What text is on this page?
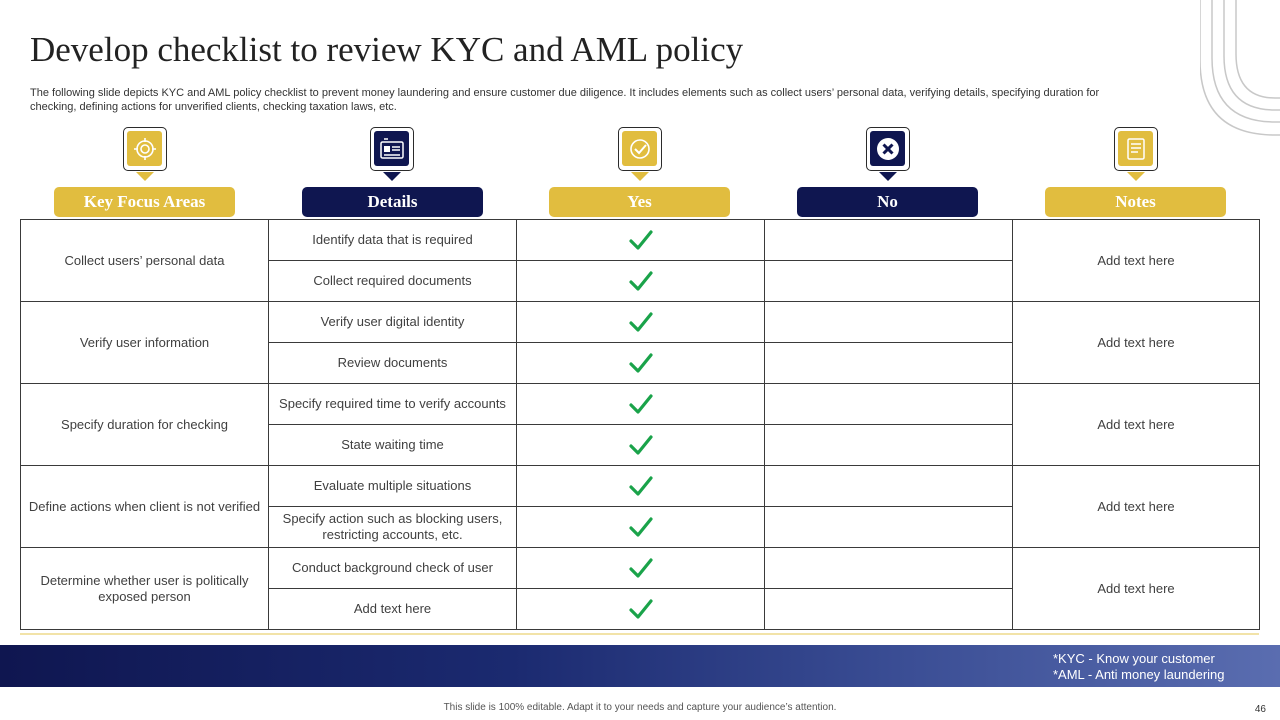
Develop checklist to review KYC and AML policy
The following slide depicts KYC and AML policy checklist to prevent money laundering and ensure customer due diligence. It includes elements such as collect users’ personal data, verifying details, specifying duration for checking, defining actions for unverified clients, checking taxation laws, etc.
Key Focus Areas	Details	Yes	No	Notes
Collect users’ personal data	Identify data that is required			Add text here
	Collect required documents		
Verify user information	Verify user digital identity			Add text here
	Review documents		
Specify duration for checking	Specify required time to verify accounts			Add text here
	State waiting time		
Define actions when client is not verified	Evaluate multiple situations			Add text here
	Specify action such as blocking users, restricting accounts, etc.		
Determine whether user is politically exposed person	Conduct background check of user			Add text here
	Add text here		
*KYC - Know your customer
*AML - Anti money laundering
This slide is 100% editable. Adapt it to your needs and capture your audience’s attention.	46
